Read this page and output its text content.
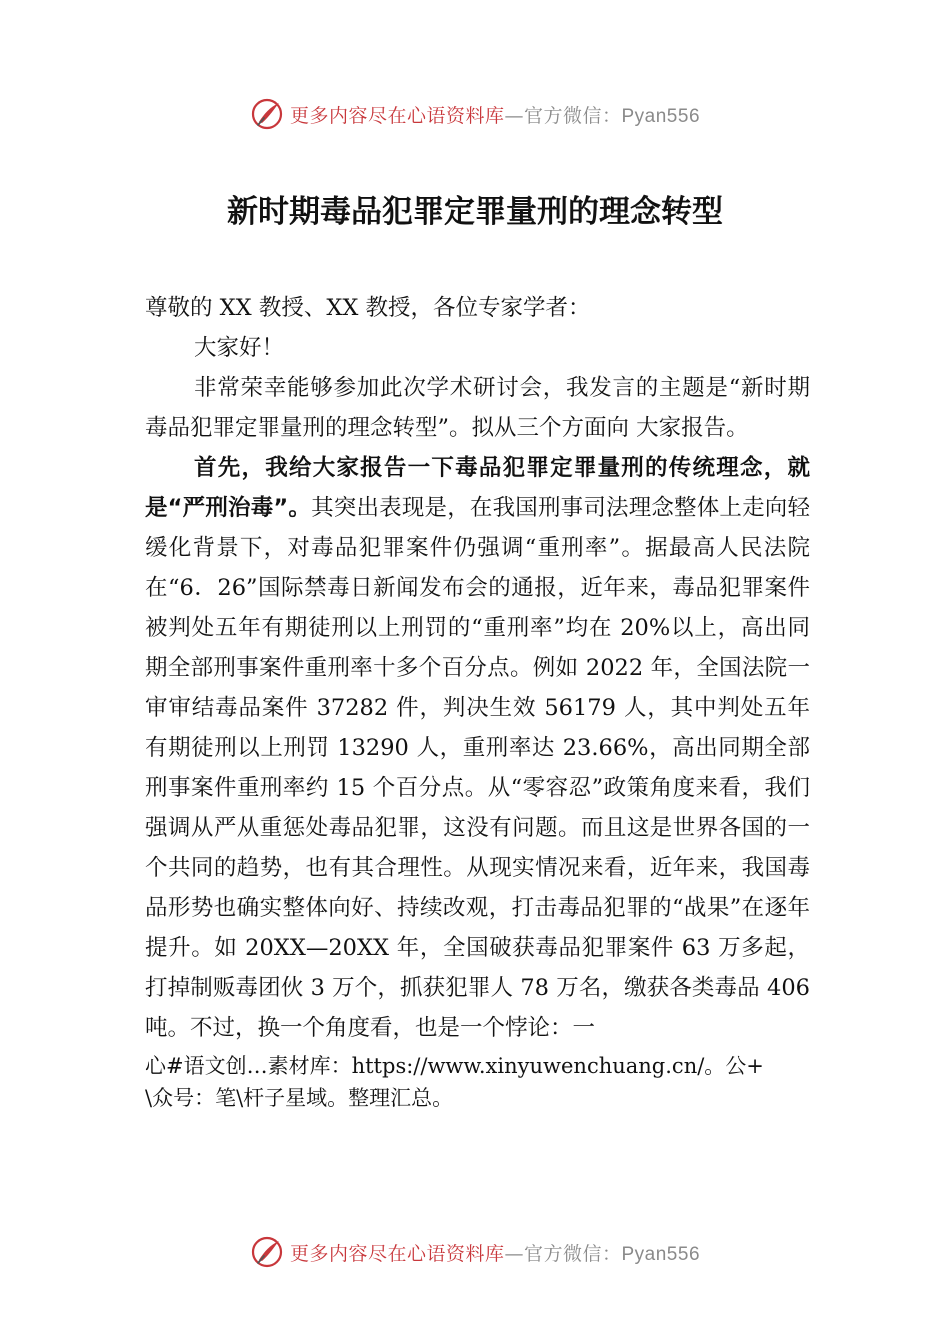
更多内容尽在心语资料库—官方微信：Pyan556
新时期毒品犯罪定罪量刑的理念转型

尊敬的 XX 教授、XX 教授，各位专家学者：

大家好！

非常荣幸能够参加此次学术研讨会，我发言的主题是“新时期毒品犯罪定罪量刑的理念转型”。拟从三个方面向 大家报告。

首先，我给大家报告一下毒品犯罪定罪量刑的传统理念，就是“严刑治毒”。其突出表现是，在我国刑事司法理念整体上走向轻缓化背景下，对毒品犯罪案件仍强调“重刑率”。据最高人民法院在“6．26”国际禁毒日新闻发布会的通报，近年来，毒品犯罪案件被判处五年有期徒刑以上刑罚的“重刑率”均在 20%以上，高出同期全部刑事案件重刑率十多个百分点。例如 2022 年，全国法院一审审结毒品案件 37282 件，判决生效 56179 人，其中判处五年有期徒刑以上刑罚 13290 人，重刑率达 23.66%，高出同期全部刑事案件重刑率约 15 个百分点。从“零容忍”政策角度来看，我们强调从严从重惩处毒品犯罪，这没有问题。而且这是世界各国的一个共同的趋势，也有其合理性。从现实情况来看，近年来，我国毒品形势也确实整体向好、持续改观，打击毒品犯罪的“战果”在逐年提升。如 20XX—20XX 年，全国破获毒品犯罪案件 63 万多起，打掉制贩毒团伙 3 万个，抓获犯罪人 78 万名，缴获各类毒品 406 吨。不过，换一个角度看，也是一个悖论：一

心#语文创…素材库：https://www.xinyuwenchuang.cn/。公+
\众号：笔\杆子星域。整理汇总。
更多内容尽在心语资料库—官方微信：Pyan556
